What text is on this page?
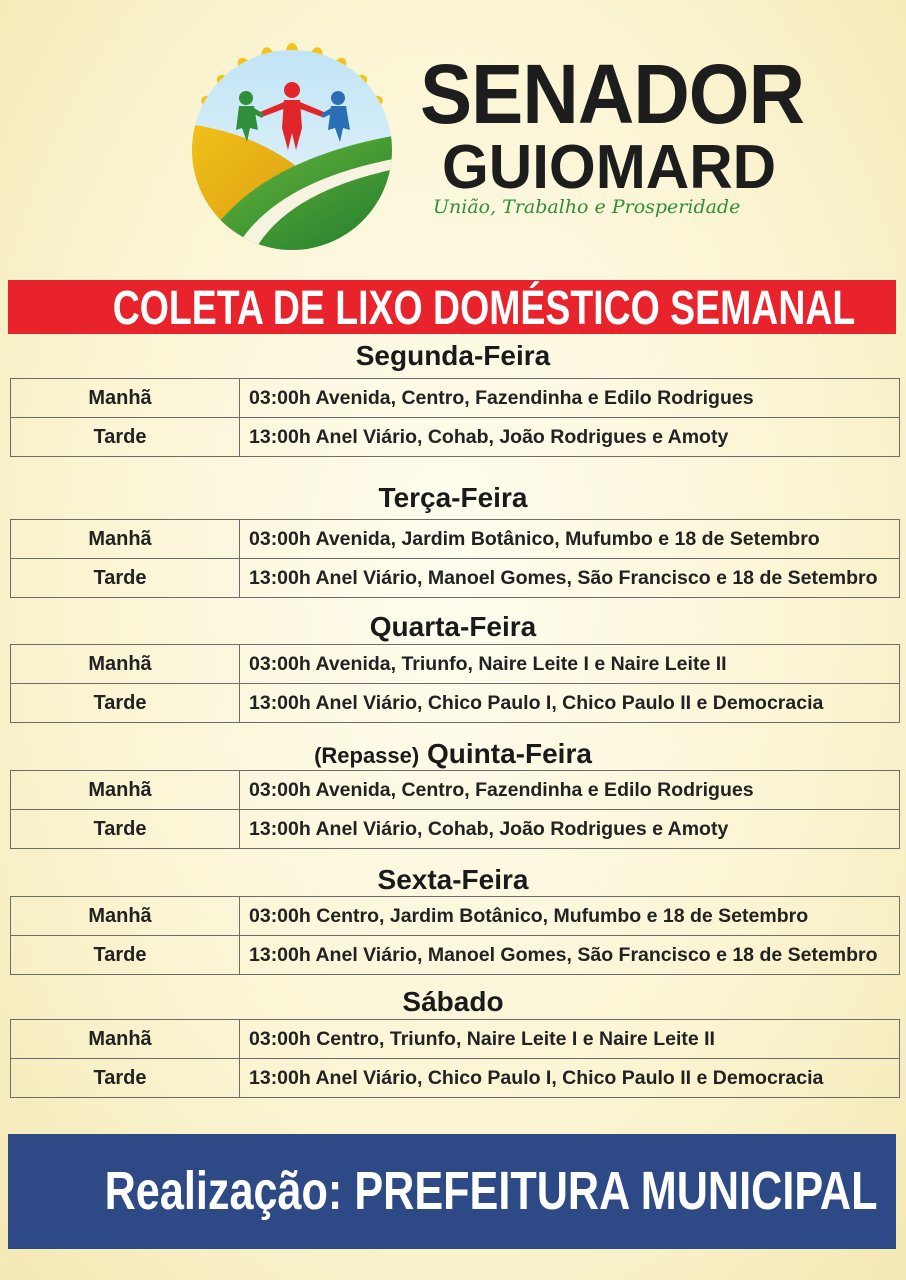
SENADOR
GUIOMARD
União, Trabalho e Prosperidade
COLETA DE LIXO DOMÉSTICO SEMANAL
Segunda-Feira
Manhã	03:00h Avenida, Centro, Fazendinha e Edilo Rodrigues
Tarde	13:00h Anel Viário, Cohab, João Rodrigues e Amoty
Terça-Feira
Manhã	03:00h Avenida, Jardim Botânico, Mufumbo e 18 de Setembro
Tarde	13:00h Anel Viário, Manoel Gomes, São Francisco e 18 de Setembro
Quarta-Feira
Manhã	03:00h Avenida, Triunfo, Naire Leite I e Naire Leite II
Tarde	13:00h Anel Viário, Chico Paulo I, Chico Paulo II e Democracia
(Repasse) Quinta-Feira
Manhã	03:00h Avenida, Centro, Fazendinha e Edilo Rodrigues
Tarde	13:00h Anel Viário, Cohab, João Rodrigues e Amoty
Sexta-Feira
Manhã	03:00h Centro, Jardim Botânico, Mufumbo e 18 de Setembro
Tarde	13:00h Anel Viário, Manoel Gomes, São Francisco e 18 de Setembro
Sábado
Manhã	03:00h Centro, Triunfo, Naire Leite I e Naire Leite II
Tarde	13:00h Anel Viário, Chico Paulo I, Chico Paulo II e Democracia
Realização: PREFEITURA MUNICIPAL
